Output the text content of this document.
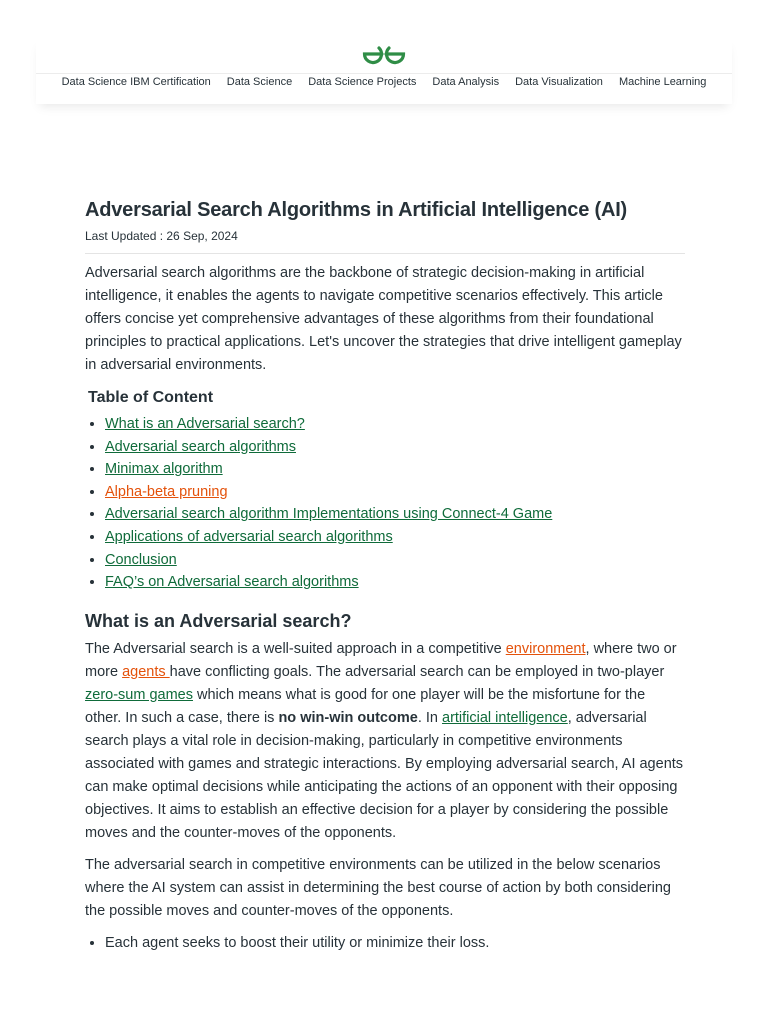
Data Science IBM Certification Data Science Data Science Projects Data Analysis Data Visualization Machine Learning
Adversarial Search Algorithms in Artificial Intelligence (AI)
Last Updated : 26 Sep, 2024

Adversarial search algorithms are the backbone of strategic decision-making in artificial intelligence, it enables the agents to navigate competitive scenarios effectively. This article offers concise yet comprehensive advantages of these algorithms from their foundational principles to practical applications. Let's uncover the strategies that drive intelligent gameplay in adversarial environments.

Table of Content
• What is an Adversarial search?
• Adversarial search algorithms
• Minimax algorithm
• Alpha-beta pruning
• Adversarial search algorithm Implementations using Connect-4 Game
• Applications of adversarial search algorithms
• Conclusion
• FAQ’s on Adversarial search algorithms
What is an Adversarial search?

The Adversarial search is a well-suited approach in a competitive environment, where two or more agents have conflicting goals. The adversarial search can be employed in two-player zero-sum games which means what is good for one player will be the misfortune for the other. In such a case, there is no win-win outcome. In artificial intelligence, adversarial search plays a vital role in decision-making, particularly in competitive environments associated with games and strategic interactions. By employing adversarial search, AI agents can make optimal decisions while anticipating the actions of an opponent with their opposing objectives. It aims to establish an effective decision for a player by considering the possible moves and the counter-moves of the opponents.

The adversarial search in competitive environments can be utilized in the below scenarios where the AI system can assist in determining the best course of action by both considering the possible moves and counter-moves of the opponents.

• Each agent seeks to boost their utility or minimize their loss.
